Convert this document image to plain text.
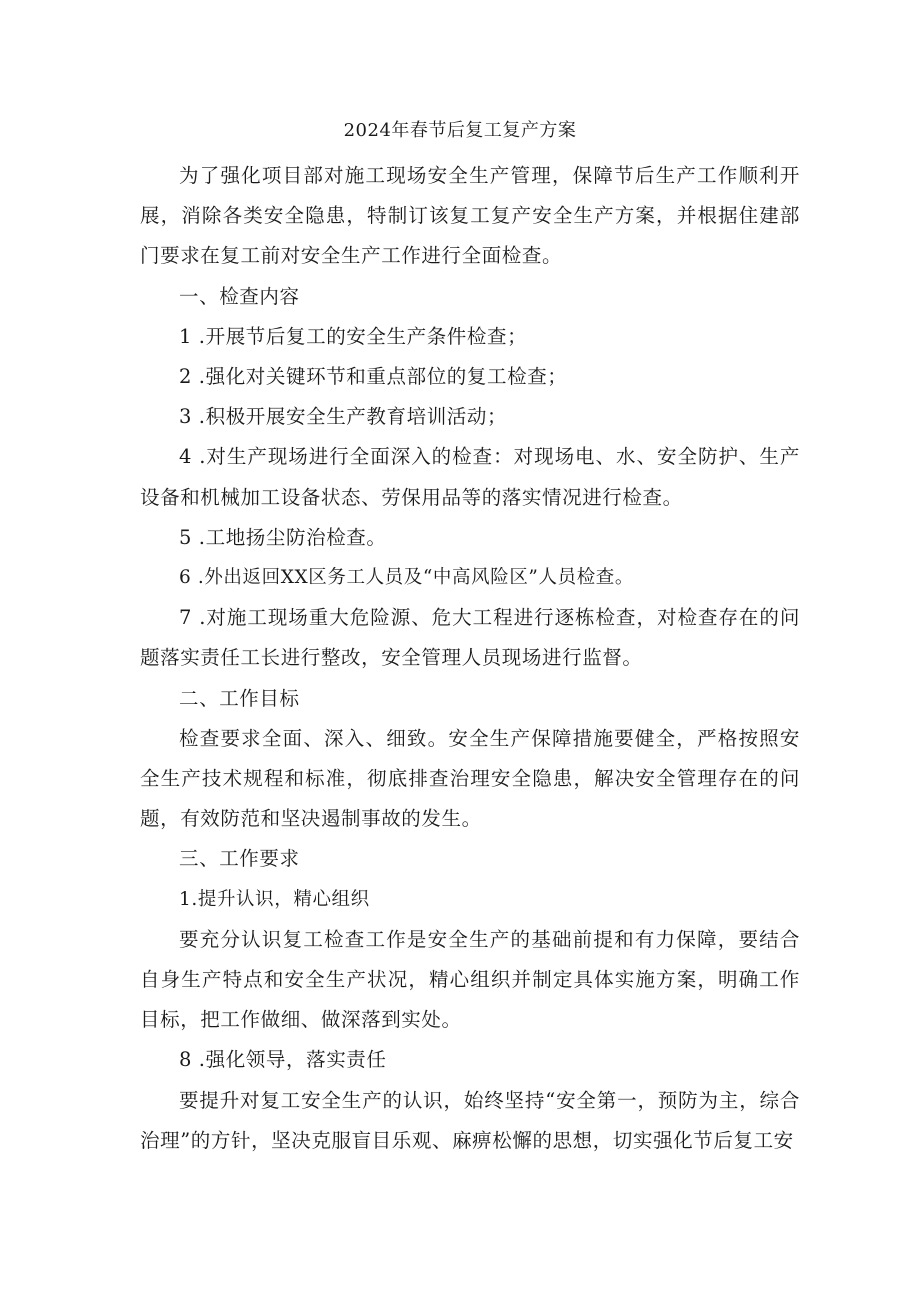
2024年春节后复工复产方案

为了强化项目部对施工现场安全生产管理，保障节后生产工作顺利开展，消除各类安全隐患，特制订该复工复产安全生产方案，并根据住建部门要求在复工前对安全生产工作进行全面检查。

一、检查内容

1 .开展节后复工的安全生产条件检查；

2 .强化对关键环节和重点部位的复工检查；

3 .积极开展安全生产教育培训活动；

4 .对生产现场进行全面深入的检查：对现场电、水、安全防护、生产设备和机械加工设备状态、劳保用品等的落实情况进行检查。

5 .工地扬尘防治检查。

6 .外出返回XX区务工人员及“中高风险区”人员检查。

7 .对施工现场重大危险源、危大工程进行逐栋检查，对检查存在的问题落实责任工长进行整改，安全管理人员现场进行监督。

二、工作目标

检查要求全面、深入、细致。安全生产保障措施要健全，严格按照安全生产技术规程和标准，彻底排查治理安全隐患，解决安全管理存在的问题，有效防范和坚决遏制事故的发生。

三、工作要求

1.提升认识，精心组织

要充分认识复工检查工作是安全生产的基础前提和有力保障，要结合自身生产特点和安全生产状况，精心组织并制定具体实施方案，明确工作目标，把工作做细、做深落到实处。

8 .强化领导，落实责任

要提升对复工安全生产的认识，始终坚持“安全第一，预防为主，综合治理”的方针，坚决克服盲目乐观、麻痹松懈的思想，切实强化节后复工安
